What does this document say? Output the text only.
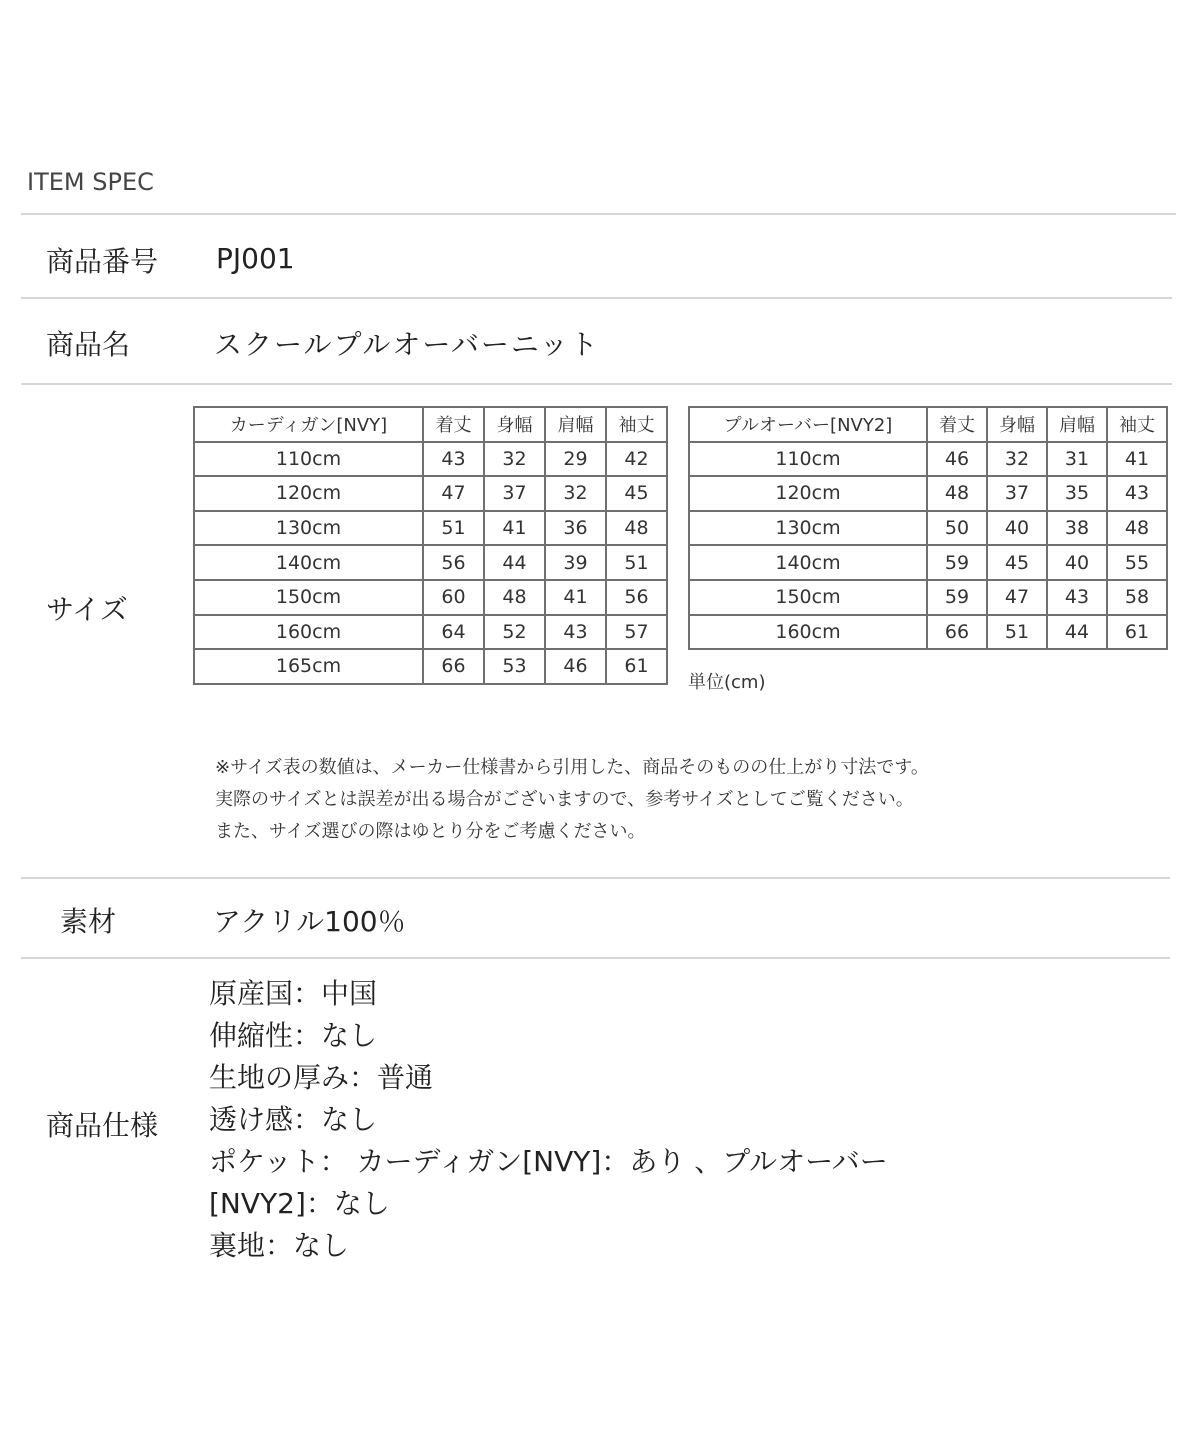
ITEM SPEC
商品番号 PJ001
商品名	スクールプルオーバーニット
サイズ
カーディガン[NVY]	着丈	身幅	肩幅	袖丈
110cm	43	32	29	42
120cm	47	37	32	45
130cm	51	41	36	48
140cm	56	44	39	51
150cm	60	48	41	56
160cm	64	52	43	57
165cm	66	53	46	61
プルオーバー[NVY2]	着丈	身幅	肩幅	袖丈
110cm	46	32	31	41
120cm	48	37	35	43
130cm	50	40	38	48
140cm	59	45	40	55
150cm	59	47	43	58
160cm	66	51	44	61
単位(cm)
※サイズ表の数値は、メーカー仕様書から引用した、商品そのものの仕上がり寸法です。
実際のサイズとは誤差が出る場合がございますので、参考サイズとしてご覧ください。
また、サイズ選びの際はゆとり分をご考慮ください。
素材	アクリル100％
商品仕様
原産国：中国
伸縮性：なし
生地の厚み：普通
透け感：なし
ポケット： カーディガン[NVY]：あり 、プルオーバー
[NVY2]：なし
裏地：なし
